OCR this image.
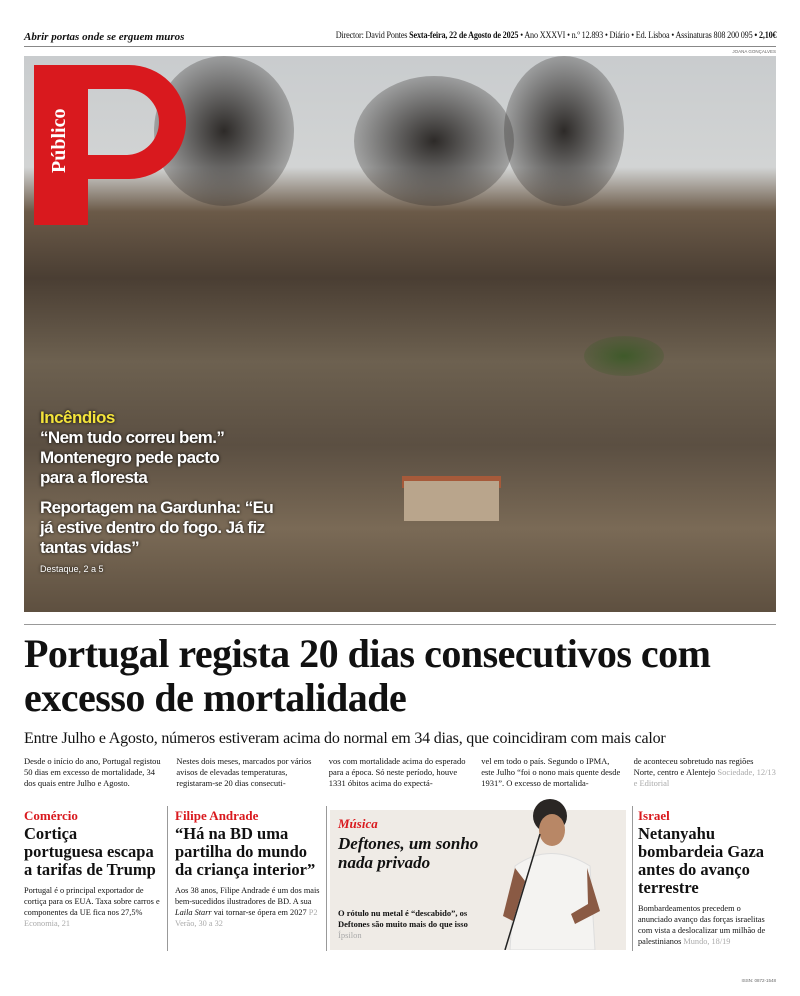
Abrir portas onde se erguem muros	Director: David Pontes Sexta-feira, 22 de Agosto de 2025 • Ano XXXVI • n.º 12.893 • Diário • Ed. Lisboa • Assinaturas 808 200 095 • 2,10€
JOANA GONÇALVES
Público
Incêndios
“Nem tudo correu bem.” Montenegro pede pacto para a floresta
Reportagem na Gardunha: “Eu já estive dentro do fogo. Já fiz tantas vidas”
Destaque, 2 a 5
Portugal regista 20 dias consecutivos com excesso de mortalidade
Entre Julho e Agosto, números estiveram acima do normal em 34 dias, que coincidiram com mais calor

Desde o início do ano, Portugal registou 50 dias em excesso de mortalidade, 34 dos quais entre Julho e Agosto.

Nestes dois meses, marcados por vários avisos de elevadas temperaturas, registaram-se 20 dias consecuti-

vos com mortalidade acima do esperado para a época. Só neste período, houve 1331 óbitos acima do expectá-

vel em todo o país. Segundo o IPMA, este Julho “foi o nono mais quente desde 1931”. O excesso de mortalida-

de aconteceu sobretudo nas regiões Norte, centro e Alentejo Sociedade, 12/13 e Editorial

Comércio
Cortiça portuguesa escapa a tarifas de Trump
Portugal é o principal exportador de cortiça para os EUA. Taxa sobre carros e componentes da UE fica nos 27,5% Economia, 21
Filipe Andrade
“Há na BD uma partilha do mundo da criança interior”
Aos 38 anos, Filipe Andrade é um dos mais bem-sucedidos ilustradores de BD. A sua Laila Starr vai tornar-se ópera em 2027 P2 Verão, 30 a 32
Música
Deftones, um sonho nada privado
O rótulo nu metal é “descabido”, os Deftones são muito mais do que isso Ípsilon
Israel
Netanyahu bombardeia Gaza antes do avanço terrestre
Bombardeamentos precedem o anunciado avanço das forças israelitas com vista a deslocalizar um milhão de palestinianos Mundo, 18/19
ISSN: 0872-1548
